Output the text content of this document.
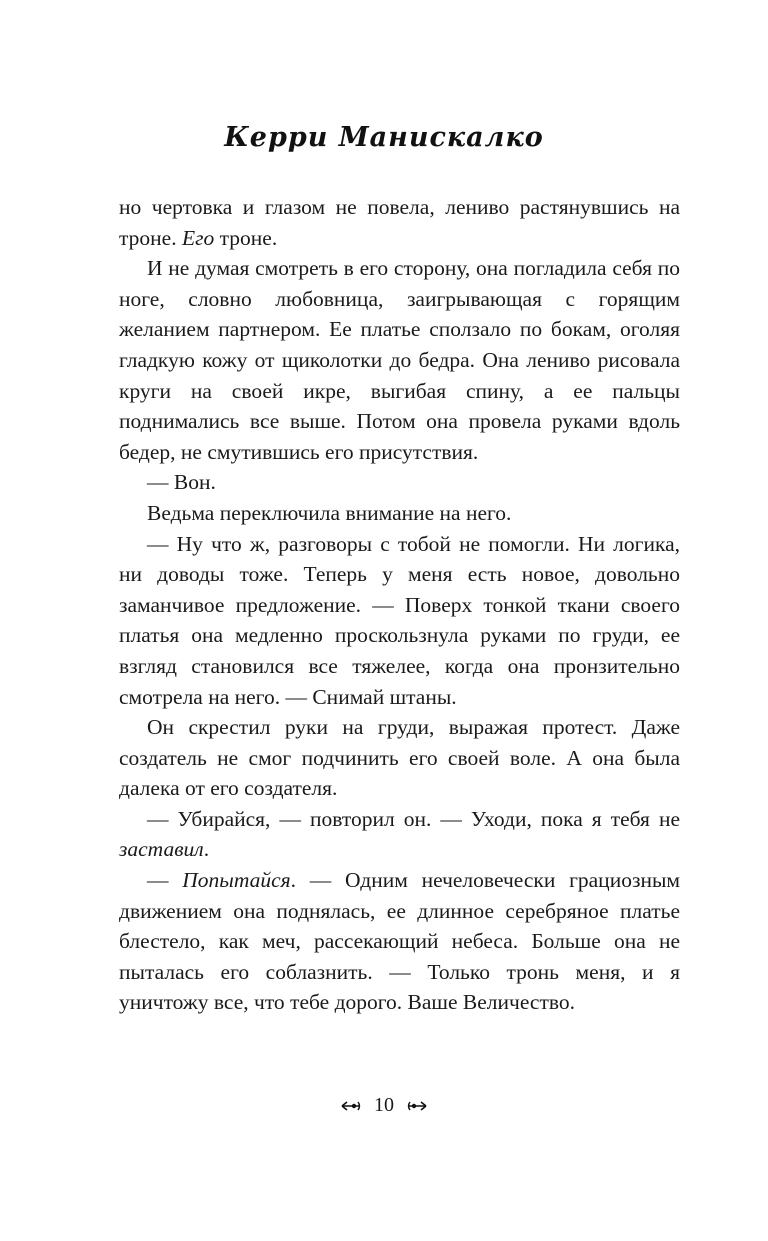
Керри Манискалко

но чертовка и глазом не повела, лениво растянувшись на троне. Его троне.

И не думая смотреть в его сторону, она погладила себя по ноге, словно любовница, заигрывающая с горящим желанием партнером. Ее платье сползало по бокам, оголяя гладкую кожу от щиколотки до бедра. Она лениво рисовала круги на своей икре, выгибая спину, а ее пальцы поднимались все выше. Потом она провела руками вдоль бедер, не смутившись его присутствия.

— Вон.

Ведьма переключила внимание на него.

— Ну что ж, разговоры с тобой не помогли. Ни логика, ни доводы тоже. Теперь у меня есть новое, довольно заманчивое предложение. — Поверх тонкой ткани своего платья она медленно проскользнула руками по груди, ее взгляд становился все тяжелее, когда она пронзительно смотрела на него. — Снимай штаны.

Он скрестил руки на груди, выражая протест. Даже создатель не смог подчинить его своей воле. А она была далека от его создателя.

— Убирайся, — повторил он. — Уходи, пока я тебя не заставил.

— Попытайся. — Одним нечеловечески грациозным движением она поднялась, ее длинное серебряное платье блестело, как меч, рассекающий небеса. Больше она не пыталась его соблазнить. — Только тронь меня, и я уничтожу все, что тебе дорого. Ваше Величество.

10
